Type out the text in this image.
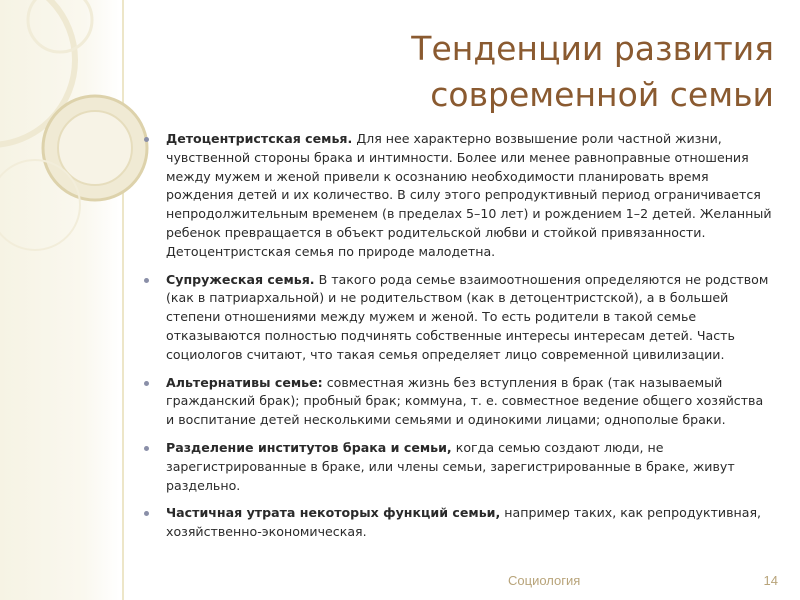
Тенденции развития
современной семьи
Детоцентристская семья. Для нее характерно возвышение роли частной жизни, чувственной стороны брака и интимности. Более или менее равноправные отношения между мужем и женой привели к осознанию необходимости планировать время рождения детей и их количество. В силу этого репродуктивный период ограничивается непродолжительным временем (в пределах 5–10 лет) и рождением 1–2 детей. Желанный ребенок превращается в объект родительской любви и стойкой привязанности. Детоцентристская семья по природе малодетна.
Супружеская семья. В такого рода семье взаимоотношения определяются не родством (как в патриархальной) и не родительством (как в детоцентристской), а в большей степени отношениями между мужем и женой. То есть родители в такой семье отказываются полностью подчинять собственные интересы интересам детей. Часть социологов считают, что такая семья определяет лицо современной цивилизации.
Альтернативы семье: совместная жизнь без вступления в брак (так называемый гражданский брак); пробный брак; коммуна, т. е. совместное ведение общего хозяйства и воспитание детей несколькими семьями и одинокими лицами; однополые браки.
Разделение институтов брака и семьи, когда семью создают люди, не зарегистрированные в браке, или члены семьи, зарегистрированные в браке, живут раздельно.
Частичная утрата некоторых функций семьи, например таких, как репродуктивная, хозяйственно-экономическая.
Социология	14
